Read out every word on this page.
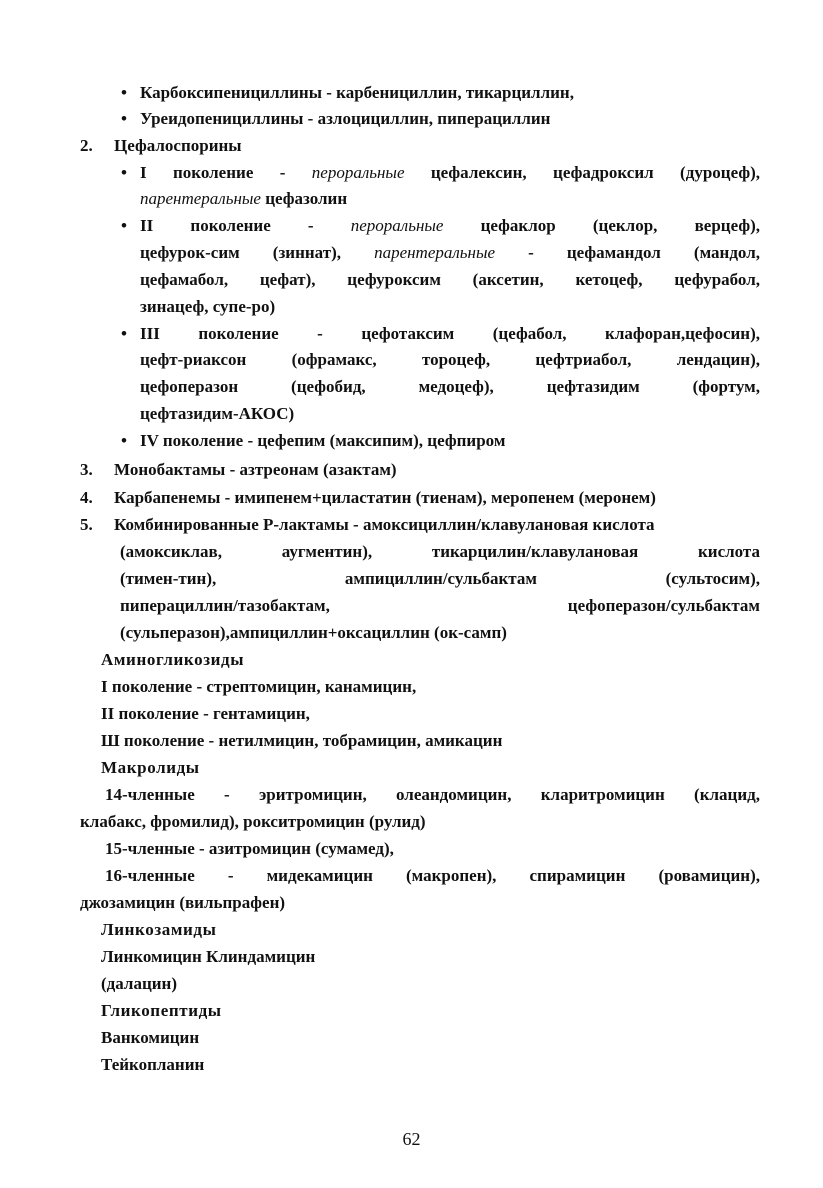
• Карбоксипенициллины - карбенициллин, тикарциллин,
• Уреидопенициллины - азлоцициллин, пиперациллин
2. Цефалоспорины
• I поколение - пероральные цефалексин, цефадроксил (дуроцеф),
парентеральные цефазолин
• II поколение - пероральные цефаклор (цеклор, верцеф),
цефурок-сим (зиннат), парентеральные - цефамандол (мандол,
цефамабол, цефат), цефуроксим (аксетин, кетоцеф, цефурабол,
зинацеф, супе-ро)
• III поколение - цефотаксим (цефабол, клафоран,цефосин),
цефт-риаксон (офрамакс, тороцеф, цефтриабол, лендацин),
цефоперазон (цефобид, медоцеф), цефтазидим (фортум,
цефтазидим-АКОС)
• IV поколение - цефепим (максипим), цефпиром
3. Монобактамы - азтреонам (азактам)
4. Карбапенемы - имипенем+циластатин (тиенам), меропенем (меронем)
5. Комбинированные Р-лактамы - амоксициллин/клавулановая кислота
(амоксиклав, аугментин), тикарцилин/клавулановая кислота
(тимен-тин), ампициллин/сульбактам (сультосим),
пиперациллин/тазобактам, цефоперазон/сульбактам
(сульперазон),ампициллин+оксациллин (ок-самп)
Аминогликозиды
I поколение - стрептомицин, канамицин,
II поколение - гентамицин,
Ш поколение - нетилмицин, тобрамицин, амикацин
Макролиды
14-членные - эритромицин, олеандомицин, кларитромицин (клацид,
клабакс, фромилид), рокситромицин (рулид)
15-членные - азитромицин (сумамед),
16-членные - мидекамицин (макропен), спирамицин (ровамицин),
джозамицин (вильпрафен)
Линкозамиды
Линкомицин Клиндамицин
(далацин)
Гликопептиды
Ванкомицин
Тейкопланин
62
